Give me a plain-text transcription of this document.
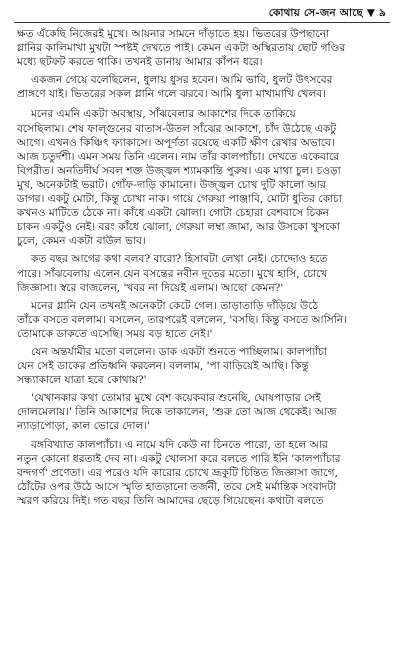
কোথায় সে-জন আছে ▼ ৯
ক্ষত এঁকেছি নিজেরই মুখে। আয়নার সামনে দাঁড়াতে হয়। ভিতরের উপছানো
গ্লানির কালিমাখা মুখটা স্পষ্টই দেখতে পাই। কেমন একটা অস্থিরতায় ছোট গণ্ডির
মধ্যে ছটফট করতে থাকি। তখনই ডানায় আমার কাঁপন ধরে।
একজন গেয়ে বলেছিলেন, ধুলায় ধুসর হবেন। আমি ভাবি, ধুলট উৎসবের
প্রাঙ্গণে যাই। ভিতরের সকল গ্লানি গলে ঝরবে। আমি ধুলা মাখামাখি খেলব।
মনের এমনি একটা অবস্থায়, সাঁঝবেলার আকাশের দিকে তাকিয়ে
বসেছিলাম। শেষ ফাল্গুনের বাতাস-উতল সাঁঝের আকাশে, চাঁদ উঠেছে একটু
আগে। এখনও কিঞ্চিৎ ফ্যাকাসে। অপূর্ণতা রয়েছে একটি ক্ষীণ রেখার অভাবে।
আজ চতুর্দশী। এমন সময় তিনি এলেন। নাম তাঁর কালপ্যাঁচা। দেখতে একেবারে
বিপরীত। অনতিদীর্ঘ সবল শক্ত উজ্জ্বল শ্যামকান্তি পুরুষ। এক মাথা চুল। চওড়া
মুখ, অনেকটাই ভরাট। গোঁফ-দাড়ি কামানো। উজ্জ্বল চোখ দুটি কালো আর
ডাগর। একটু মোটা, কিন্তু চোখা নাক। গায়ে গেরুয়া পাঞ্জাবি, মোটা ধুতির কোচা
কখনও মাটিতে ঠেকে না। কাঁধে একটা ঝোলা। গোটা চেহারা বেশবাসে চিকন
চাকন একটুও নেই। বরং কাঁধে ঝোলা, গেরুয়া লম্বা জামা, আর উসকো খুসকো
চুলে, কেমন একটা বাউল ভাব।
কত বছর আগের কথা বলব? বারো? হিসাবটা লেখা নেই। চোদ্দোও হতে
পারে। সাঁঝবেলায় এলেন যেন বসন্তের নবীন দূতের মতো। মুখে হাসি, চোখে
জিজ্ঞাসা। স্বরে বাজলেন, 'খবর না দিয়েই এলাম। আছো কেমন?'
মনের গ্লানি যেন তখনই অনেকটা কেটে গেল। তাড়াতাড়ি দাঁড়িয়ে উঠে
তাঁকে বসতে বললাম। বসলেন, তারপরেই বললেন, 'বসছি। কিন্তু বসতে আসিনি।
তোমাকে ডাকতে এসেছি। সময় বড় হাতে নেই।'
যেন অন্তর্যামীর মতো বললেন। ডাক একটা শুনতে পাচ্ছিলাম। কালপ্যাঁচা
যেন সেই ডাকের প্রতিধ্বনি করলেন। বললাম, 'পা বাড়িয়েই আছি। কিন্তু
সন্ধ্যাকালে যাত্রা হবে কোথায়?'
'যেখানকার কথা তোমার মুখে বেশ কয়েকবার শুনেছি, ঘোষপাড়ার সেই
দোলমেলায়।' তিনি আকাশের দিকে তাকালেন, 'শুরু তো আজ থেকেই। আজ
ন্যাড়াপোড়া, কাল ভোরে দোল।'
বঙ্গবিখ্যাত কালপ্যাঁচা। এ নামে যদি কেউ না চিনতে পারো, তা হলে আর
নতুন কোনো ধরতাই দেব না। একটু খোলসা করে বলতে পারি ইনি 'কালপ্যাঁচার
বন্দগর্ণ' প্রণেতা। এর পরেও যদি কারোর চোখে ভ্রূকুটি চিন্তিত জিজ্ঞাসা জাগে,
ঠোঁটের ওপর উঠে আসে স্মৃতি হাতড়ানো তর্জনী, তবে সেই মর্মান্তিক সংবাদটা
স্মরণ করিয়ে দিই। গত বছর তিনি আমাদের ছেড়ে গিয়েছেন। কথাটা বলতে
